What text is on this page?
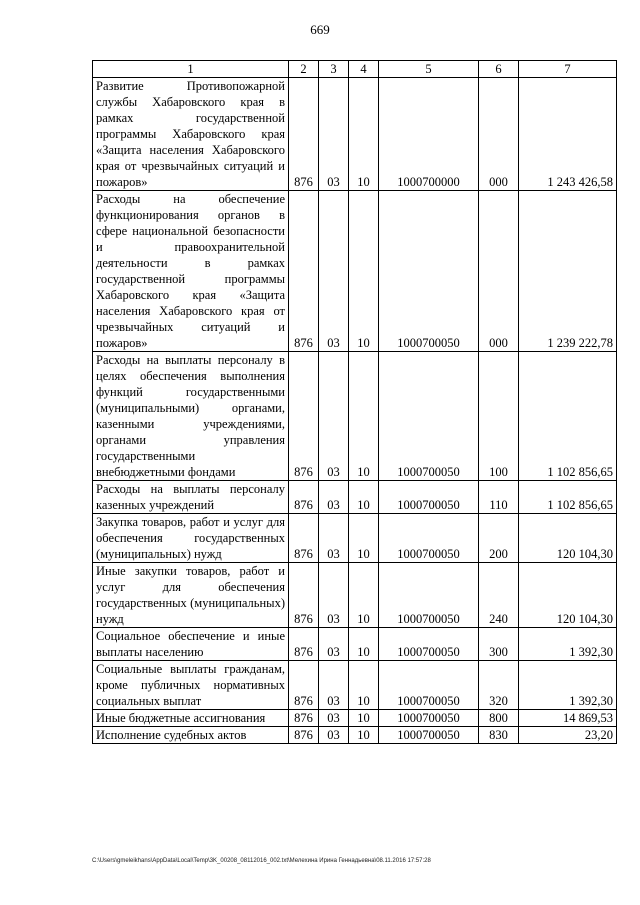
669
1	2	3	4	5	6	7
Развитие Противопожарной службы Хабаровского края в рамках государственной программы Хабаровского края «Защита населения Хабаровского края от чрезвычайных ситуаций и пожаров»	876	03	10	1000700000	000	1 243 426,58
Расходы на обеспечение функционирования органов в сфере национальной безопасности и правоохранительной деятельности в рамках государственной программы Хабаровского края «Защита населения Хабаровского края от чрезвычайных ситуаций и пожаров»	876	03	10	1000700050	000	1 239 222,78
Расходы на выплаты персоналу в целях обеспечения выполнения функций государственными (муниципальными) органами, казенными учреждениями, органами управления государственными внебюджетными фондами	876	03	10	1000700050	100	1 102 856,65
Расходы на выплаты персоналу казенных учреждений	876	03	10	1000700050	110	1 102 856,65
Закупка товаров, работ и услуг для обеспечения государственных (муниципальных) нужд	876	03	10	1000700050	200	120 104,30
Иные закупки товаров, работ и услуг для обеспечения государственных (муниципальных) нужд	876	03	10	1000700050	240	120 104,30
Социальное обеспечение и иные выплаты населению	876	03	10	1000700050	300	1 392,30
Социальные выплаты гражданам, кроме публичных нормативных социальных выплат	876	03	10	1000700050	320	1 392,30
Иные бюджетные ассигнования	876	03	10	1000700050	800	14 869,53
Исполнение судебных актов	876	03	10	1000700050	830	23,20
C:\Users\gmeleikhans\AppData\Local\Temp\3K_00208_08112016_002.txt\Мелехина Ирина Геннадьевна\08.11.2016 17:57:28
